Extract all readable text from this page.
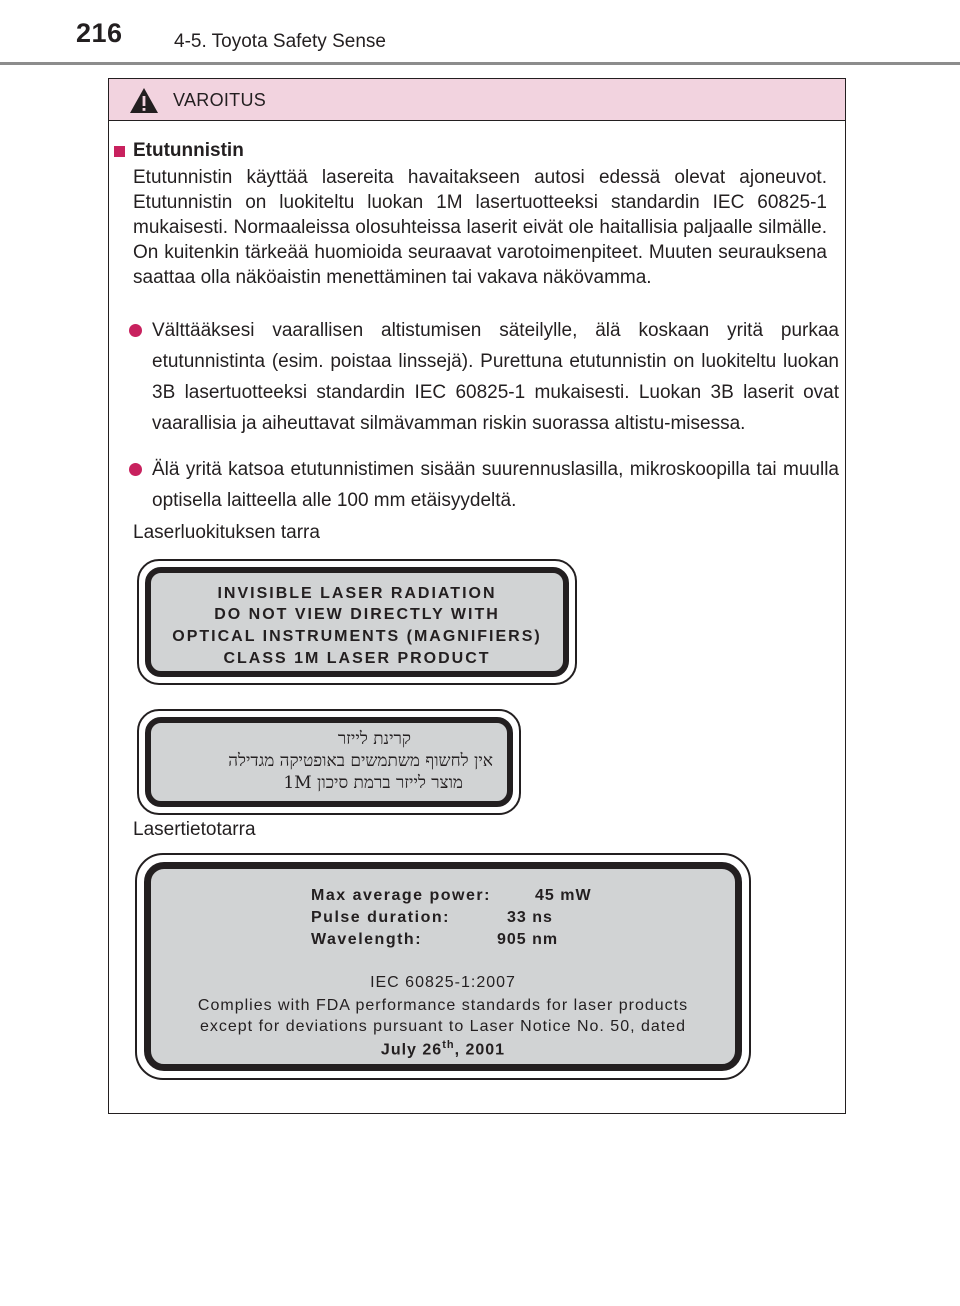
216	4-5. Toyota Safety Sense
VAROITUS
Etutunnistin
Etutunnistin käyttää lasereita havaitakseen autosi edessä olevat ajoneuvot. Etutunnistin on luokiteltu luokan 1M lasertuotteeksi standardin IEC 60825-1 mukaisesti. Normaaleissa olosuhteissa laserit eivät ole haitallisia paljaalle silmälle. On kuitenkin tärkeää huomioida seuraavat varotoimenpiteet. Muuten seurauksena saattaa olla näköaistin menettäminen tai vakava näkövamma.
Välttääksesi vaarallisen altistumisen säteilylle, älä koskaan yritä purkaa etutunnistinta (esim. poistaa linssejä). Purettuna etutunnistin on luokiteltu luokan 3B lasertuotteeksi standardin IEC 60825-1 mukaisesti. Luokan 3B laserit ovat vaarallisia ja aiheuttavat silmävamman riskin suorassa altistu-misessa.
Älä yritä katsoa etutunnistimen sisään suurennuslasilla, mikroskoopilla tai muulla optisella laitteella alle 100 mm etäisyydeltä.
Laserluokituksen tarra
INVISIBLE LASER RADIATION
DO NOT VIEW DIRECTLY WITH
OPTICAL INSTRUMENTS (MAGNIFIERS)
CLASS 1M LASER PRODUCT
קרינת לייזר
אין לחשוף משתמשים באופטיקה מגדילה
מוצר לייזר ברמת סיכון 1M
Lasertietotarra
Max average power:	45 mW
Pulse duration:	33 ns
Wavelength:	905 nm
IEC 60825-1:2007
Complies with FDA performance standards for laser products
except for deviations pursuant to Laser Notice No. 50, dated
July 26th, 2001
